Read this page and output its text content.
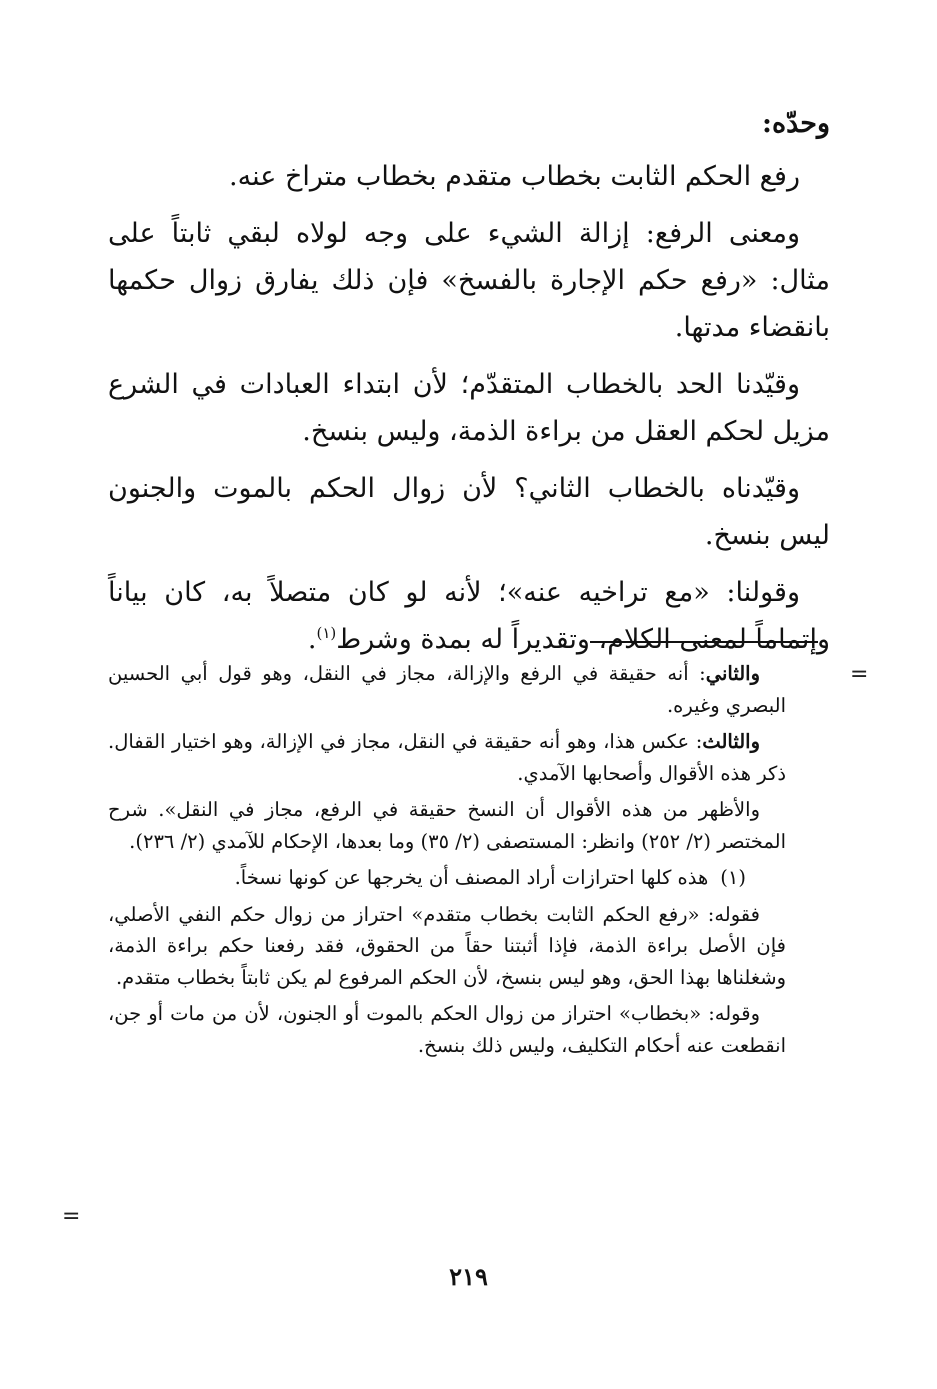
وحدّه:

رفع الحكم الثابت بخطاب متقدم بخطاب متراخ عنه.

ومعنى الرفع: إزالة الشيء على وجه لولاه لبقي ثابتاً على مثال: «رفع حكم الإجارة بالفسخ» فإن ذلك يفارق زوال حكمها بانقضاء مدتها.

وقيّدنا الحد بالخطاب المتقدّم؛ لأن ابتداء العبادات في الشرع مزيل لحكم العقل من براءة الذمة، وليس بنسخ.

وقيّدناه بالخطاب الثاني؟ لأن زوال الحكم بالموت والجنون ليس بنسخ.

وقولنا: «مع تراخيه عنه»؛ لأنه لو كان متصلاً به، كان بياناً وإتماماً لمعنى الكلام، وتقديراً له بمدة وشرط$^{(١)}$.

=

والثاني: أنه حقيقة في الرفع والإزالة، مجاز في النقل، وهو قول أبي الحسين البصري وغيره.

والثالث: عكس هذا، وهو أنه حقيقة في النقل، مجاز في الإزالة، وهو اختيار القفال. ذكر هذه الأقوال وأصحابها الآمدي.

والأظهر من هذه الأقوال أن النسخ حقيقة في الرفع، مجاز في النقل». شرح المختصر (٢/ ٢٥٢) وانظر: المستصفى (٢/ ٣٥) وما بعدها، الإحكام للآمدي (٢/ ٢٣٦).

(١)هذه كلها احترازات أراد المصنف أن يخرجها عن كونها نسخاً.

فقوله: «رفع الحكم الثابت بخطاب متقدم» احتراز من زوال حكم النفي الأصلي، فإن الأصل براءة الذمة، فإذا أثبتنا حقاً من الحقوق، فقد رفعنا حكم براءة الذمة، وشغلناها بهذا الحق، وهو ليس بنسخ، لأن الحكم المرفوع لم يكن ثابتاً بخطاب متقدم.

وقوله: «بخطاب» احتراز من زوال الحكم بالموت أو الجنون، لأن من مات أو جن، انقطعت عنه أحكام التكليف، وليس ذلك بنسخ.

=
٢١٩
